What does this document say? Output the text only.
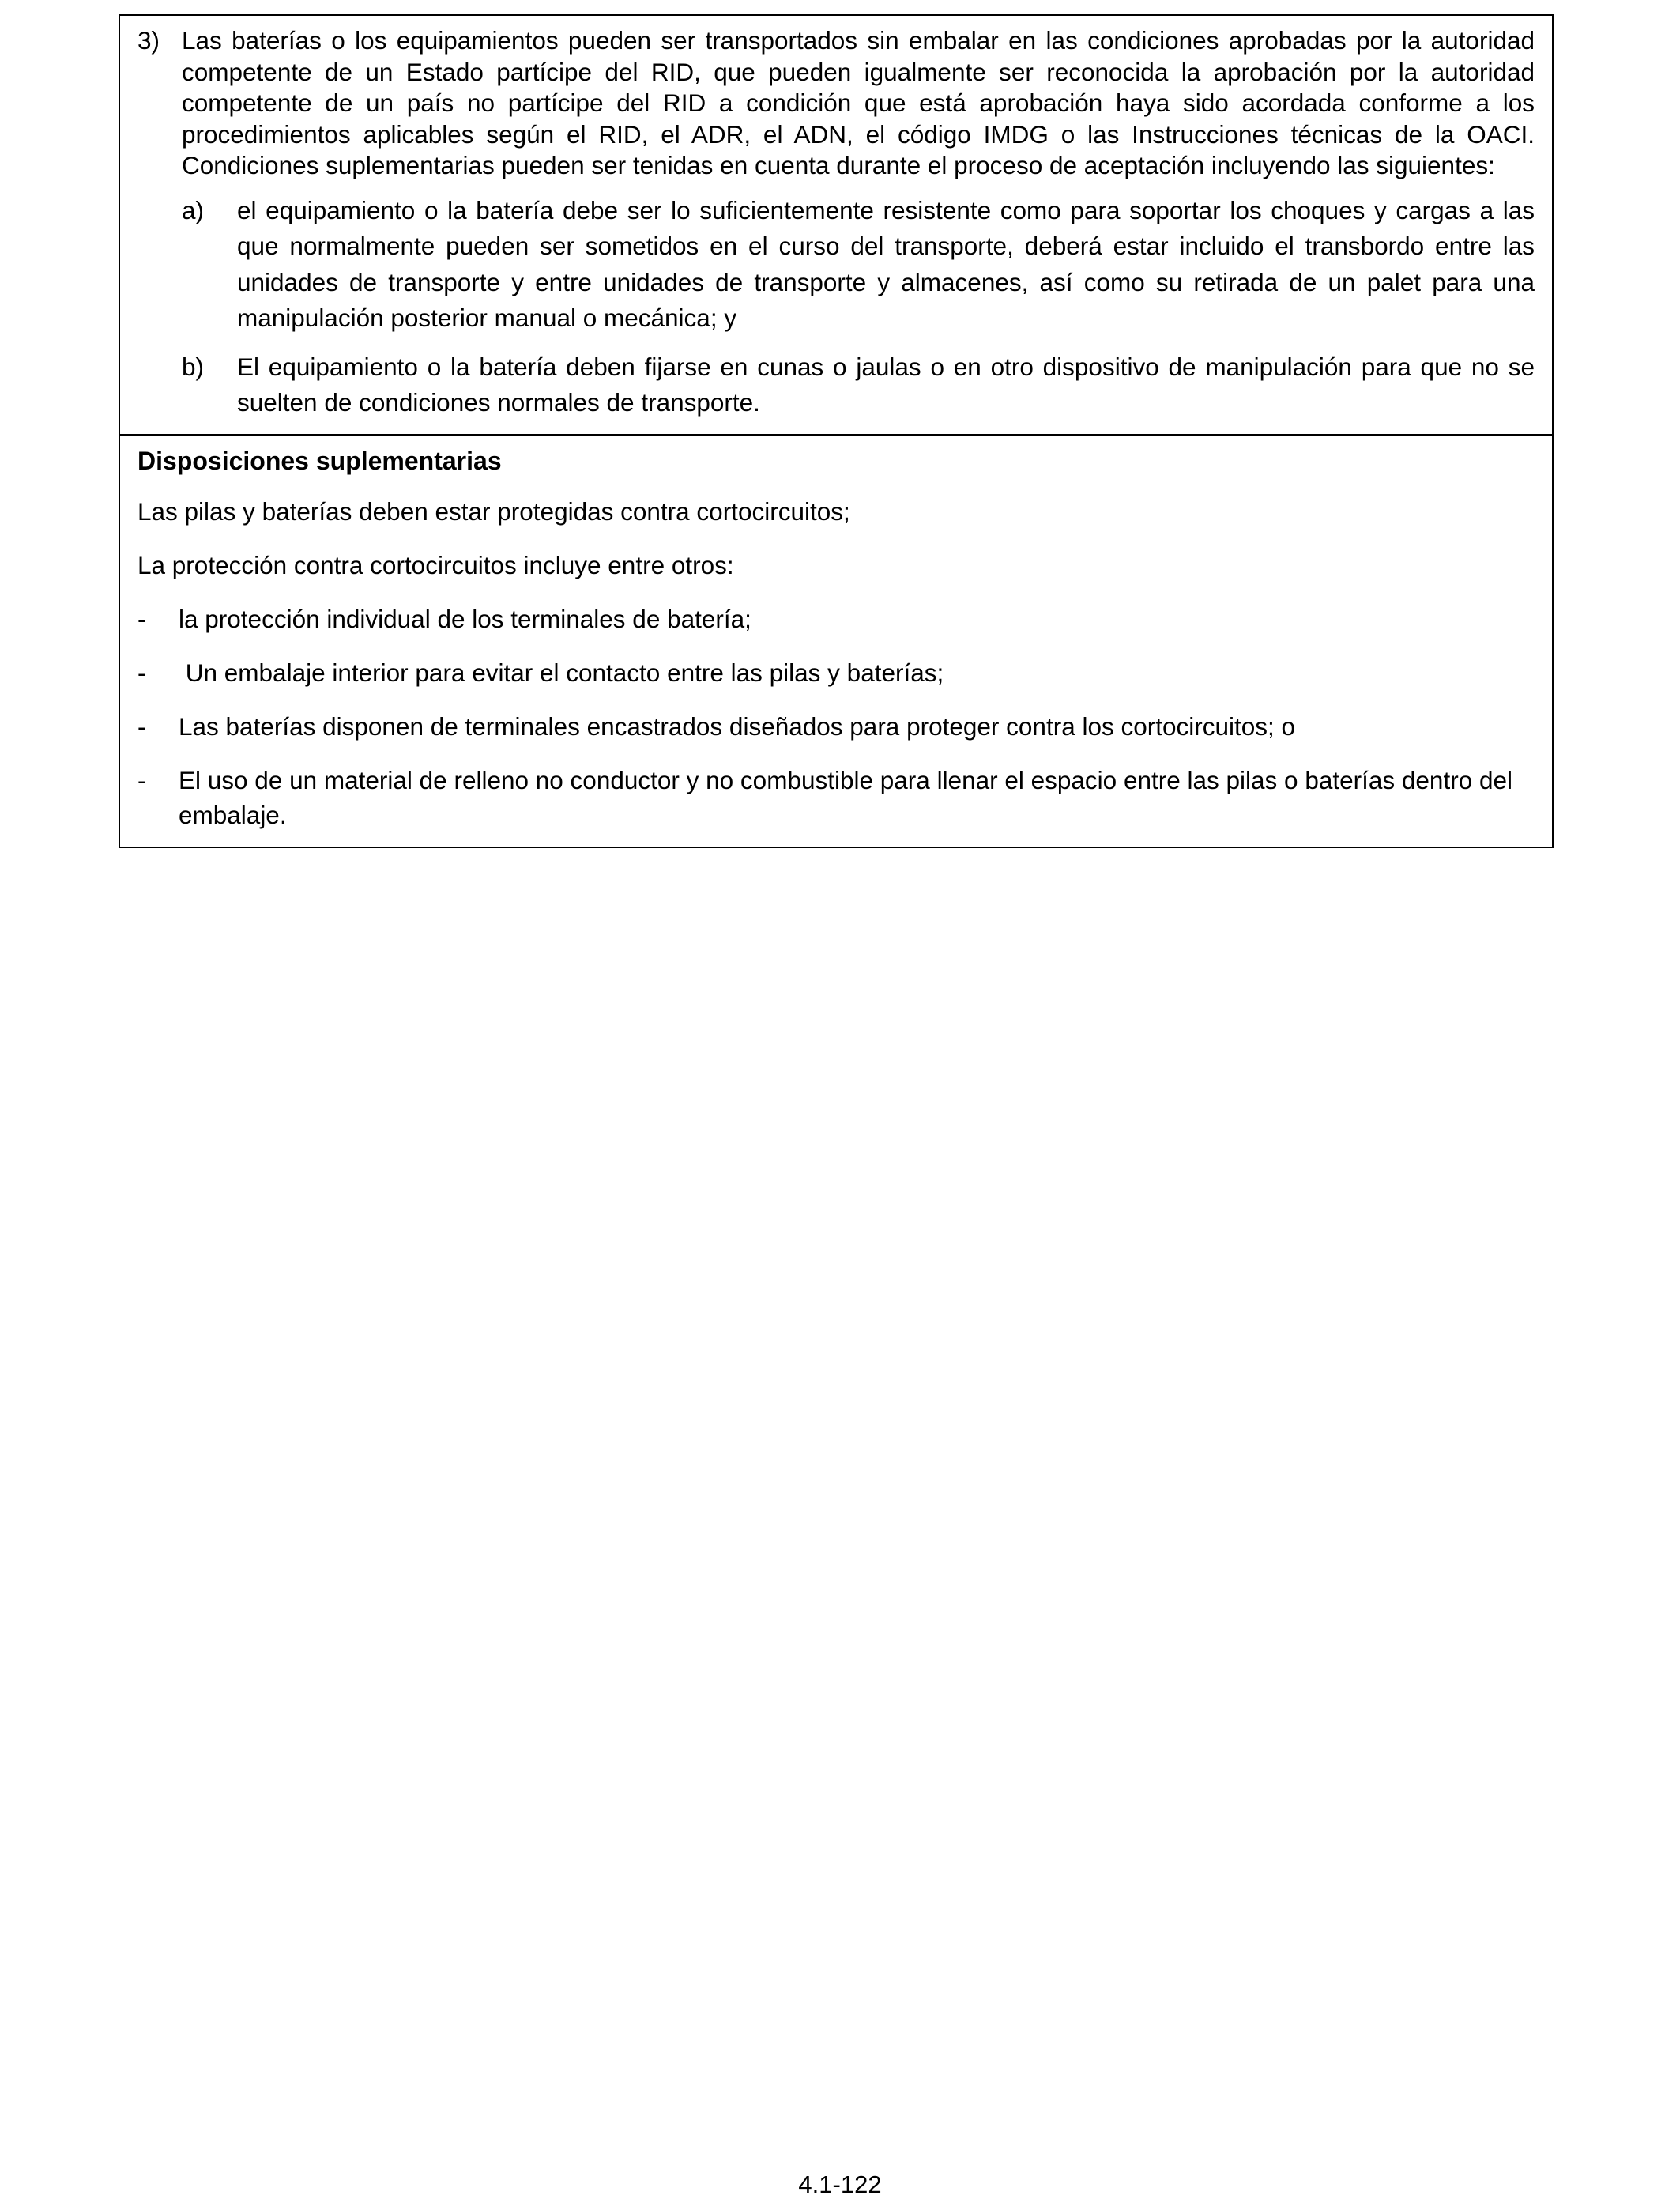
3) Las baterías o los equipamientos pueden ser transportados sin embalar en las condiciones aprobadas por la autoridad competente de un Estado partícipe del RID, que pueden igualmente ser reconocida la aprobación por la autoridad competente de un país no partícipe del RID a condición que está aprobación haya sido acordada conforme a los procedimientos aplicables según el RID, el ADR, el ADN, el código IMDG o las Instrucciones técnicas de la OACI. Condiciones suplementarias pueden ser tenidas en cuenta durante el proceso de aceptación incluyendo las siguientes:
a)	el equipamiento o la batería debe ser lo suficientemente resistente como para soportar los choques y cargas a las que normalmente pueden ser sometidos en el curso del transporte, deberá estar incluido el transbordo entre las unidades de transporte y entre unidades de transporte y almacenes, así como su retirada de un palet para una manipulación posterior manual o mecánica; y
b)	El equipamiento o la batería deben fijarse en cunas o jaulas o en otro dispositivo de manipulación para que no se suelten de condiciones normales de transporte.
Disposiciones suplementarias
Las pilas y baterías deben estar protegidas contra cortocircuitos;
La protección contra cortocircuitos incluye entre otros:
-	la protección individual de los terminales de batería;
-	Un embalaje interior para evitar el contacto entre las pilas y baterías;
-	Las baterías disponen de terminales encastrados diseñados para proteger contra los cortocircuitos; o
-	El uso de un material de relleno no conductor y no combustible para llenar el espacio entre las pilas o baterías dentro del embalaje.
4.1-122
